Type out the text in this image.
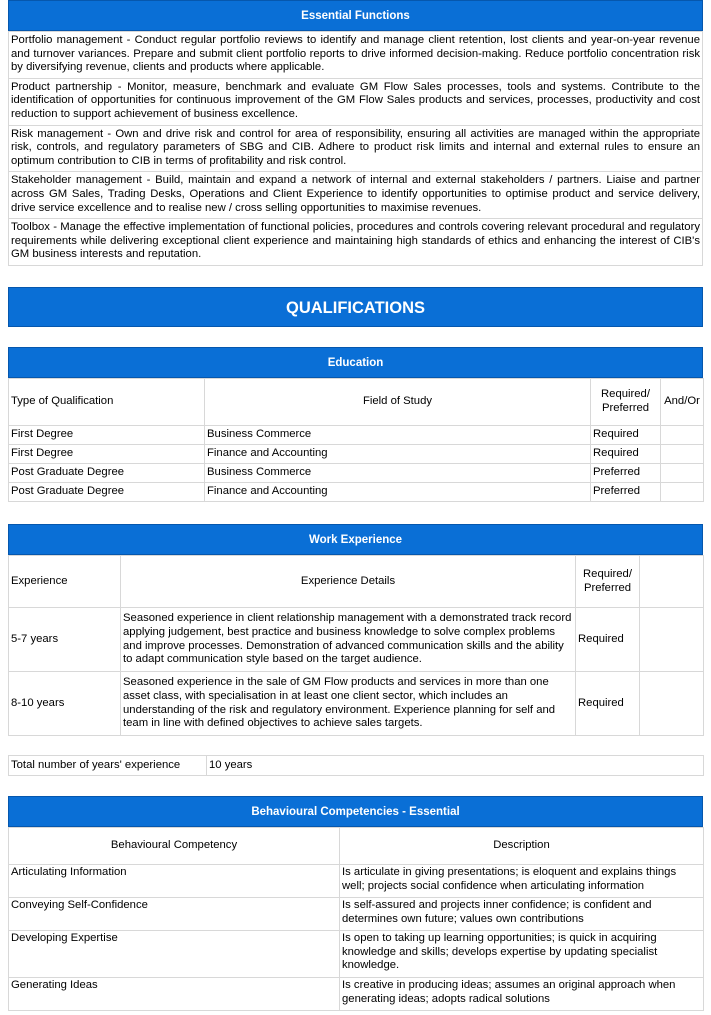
Essential Functions
Portfolio management - Conduct regular portfolio reviews to identify and manage client retention, lost clients and year-on-year revenue and turnover variances. Prepare and submit client portfolio reports to drive informed decision-making. Reduce portfolio concentration risk by diversifying revenue, clients and products where applicable.
Product partnership - Monitor, measure, benchmark and evaluate GM Flow Sales processes, tools and systems. Contribute to the identification of opportunities for continuous improvement of the GM Flow Sales products and services, processes, productivity and cost reduction to support achievement of business excellence.
Risk management - Own and drive risk and control for area of responsibility, ensuring all activities are managed within the appropriate risk, controls, and regulatory parameters of SBG and CIB. Adhere to product risk limits and internal and external rules to ensure an optimum contribution to CIB in terms of profitability and risk control.
Stakeholder management - Build, maintain and expand a network of internal and external stakeholders / partners. Liaise and partner across GM Sales, Trading Desks, Operations and Client Experience to identify opportunities to optimise product and service delivery, drive service excellence and to realise new / cross selling opportunities to maximise revenues.
Toolbox - Manage the effective implementation of functional policies, procedures and controls covering relevant procedural and regulatory requirements while delivering exceptional client experience and maintaining high standards of ethics and enhancing the interest of CIB's GM business interests and reputation.
QUALIFICATIONS
Education
Type of Qualification	Field of Study	Required/ Preferred	And/Or
First Degree	Business Commerce	Required	
First Degree	Finance and Accounting	Required	
Post Graduate Degree	Business Commerce	Preferred	
Post Graduate Degree	Finance and Accounting	Preferred	
Work Experience
Experience	Experience Details	Required/ Preferred	
5-7 years	Seasoned experience in client relationship management with a demonstrated track record applying judgement, best practice and business knowledge to solve complex problems and improve processes. Demonstration of advanced communication skills and the ability to adapt communication style based on the target audience.	Required	
8-10 years	Seasoned experience in the sale of GM Flow products and services in more than one asset class, with specialisation in at least one client sector, which includes an understanding of the risk and regulatory environment. Experience planning for self and team in line with defined objectives to achieve sales targets.	Required	
Total number of years' experience	10 years
Behavioural Competencies - Essential
Behavioural Competency	Description
Articulating Information	Is articulate in giving presentations; is eloquent and explains things well; projects social confidence when articulating information
Conveying Self-Confidence	Is self-assured and projects inner confidence; is confident and determines own future; values own contributions
Developing Expertise	Is open to taking up learning opportunities; is quick in acquiring knowledge and skills; develops expertise by updating specialist knowledge.
Generating Ideas	Is creative in producing ideas; assumes an original approach when generating ideas; adopts radical solutions
